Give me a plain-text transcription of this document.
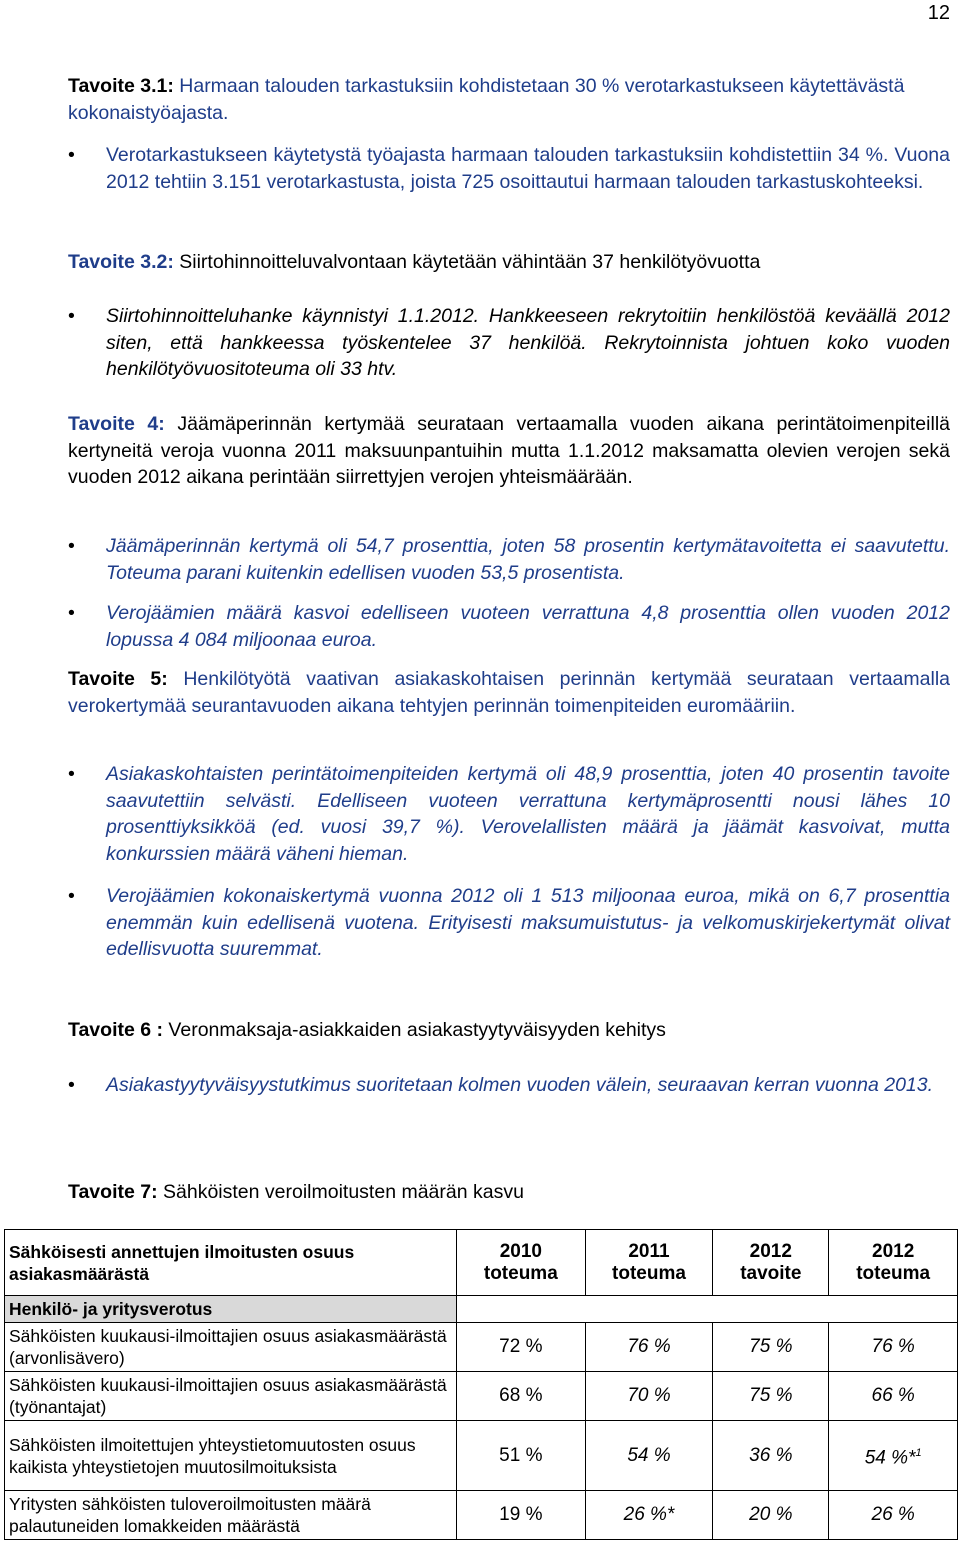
12
Tavoite 3.1: Harmaan talouden tarkastuksiin kohdistetaan 30 % verotarkastukseen käytettävästä kokonaistyöajasta.
•	Verotarkastukseen käytetystä työajasta harmaan talouden tarkastuksiin kohdistettiin 34 %. Vuona 2012 tehtiin 3.151 verotarkastusta, joista 725 osoittautui harmaan talouden tarkastuskohteeksi.
Tavoite 3.2: Siirtohinnoitteluvalvontaan käytetään vähintään 37 henkilötyövuotta
•	Siirtohinnoitteluhanke käynnistyi 1.1.2012. Hankkeeseen rekrytoitiin henkilöstöä keväällä 2012 siten, että hankkeessa työskentelee 37 henkilöä. Rekrytoinnista johtuen koko vuoden henkilötyövuositoteuma oli 33 htv.
Tavoite 4: Jäämäperinnän kertymää seurataan vertaamalla vuoden aikana perintätoimenpiteillä kertyneitä veroja vuonna 2011 maksuunpantuihin mutta 1.1.2012 maksamatta olevien verojen sekä vuoden 2012 aikana perintään siirrettyjen verojen yhteismäärään.
•	Jäämäperinnän kertymä oli 54,7 prosenttia, joten 58 prosentin kertymätavoitetta ei saavutettu. Toteuma parani kuitenkin edellisen vuoden 53,5 prosentista.
•	Verojäämien määrä kasvoi edelliseen vuoteen verrattuna 4,8 prosenttia ollen vuoden 2012 lopussa 4 084 miljoonaa euroa.
Tavoite 5: Henkilötyötä vaativan asiakaskohtaisen perinnän kertymää seurataan vertaamalla verokertymää seurantavuoden aikana tehtyjen perinnän toimenpiteiden euromääriin.
•	Asiakaskohtaisten perintätoimenpiteiden kertymä oli 48,9 prosenttia, joten 40 prosentin tavoite saavutettiin selvästi. Edelliseen vuoteen verrattuna kertymäprosentti nousi lähes 10 prosenttiyksikköä (ed. vuosi 39,7 %). Verovelallisten määrä ja jäämät kasvoivat, mutta konkurssien määrä väheni hieman.
•	Verojäämien kokonaiskertymä vuonna 2012 oli 1 513 miljoonaa euroa, mikä on 6,7 prosenttia enemmän kuin edellisenä vuotena. Erityisesti maksumuistutus- ja velkomuskirjekertymät olivat edellisvuotta suuremmat.
Tavoite 6 : Veronmaksaja-asiakkaiden asiakastyytyväisyyden kehitys
•	Asiakastyytyväisyystutkimus suoritetaan kolmen vuoden välein, seuraavan kerran vuonna 2013.
Tavoite 7: Sähköisten veroilmoitusten määrän kasvu
Sähköisesti annettujen ilmoitusten osuus asiakasmäärästä	2010 toteuma	2011 toteuma	2012 tavoite	2012 toteuma
Henkilö- ja yritysverotus				
Sähköisten kuukausi-ilmoittajien osuus asiakasmäärästä (arvonlisävero)	72 %	76 %	75 %	76 %
Sähköisten kuukausi-ilmoittajien osuus asiakasmäärästä (työnantajat)	68 %	70 %	75 %	66 %
Sähköisten ilmoitettujen yhteystietomuutosten osuus kaikista yhteystietojen muutosilmoituksista	51 %	54 %	36 %	54 %*$^1$
Yritysten sähköisten tuloveroilmoitusten määrä palautuneiden lomakkeiden määrästä	19 %	26 %*	20 %	26 %
